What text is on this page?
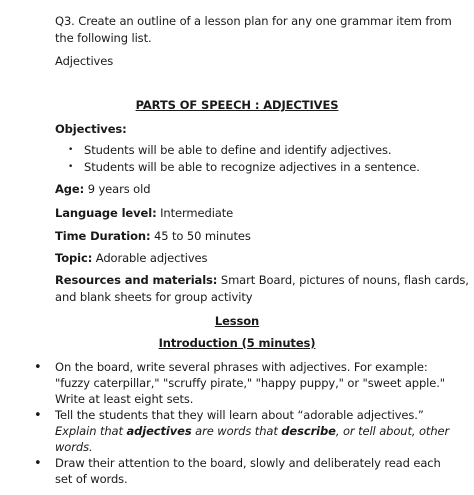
Q3. Create an outline of a lesson plan for any one grammar item from
the following list.
Adjectives
PARTS OF SPEECH : ADJECTIVES
Objectives:
• Students will be able to define and identify adjectives.
• Students will be able to recognize adjectives in a sentence.
Age: 9 years old
Language level: Intermediate
Time Duration: 45 to 50 minutes
Topic: Adorable adjectives
Resources and materials: Smart Board, pictures of nouns, flash cards,
and blank sheets for group activity
Lesson
Introduction (5 minutes)
• On the board, write several phrases with adjectives. For example:
"fuzzy caterpillar," "scruffy pirate," "happy puppy," or "sweet apple."
Write at least eight sets.
• Tell the students that they will learn about “adorable adjectives.”
Explain that adjectives are words that describe, or tell about, other
words.
• Draw their attention to the board, slowly and deliberately read each
set of words.
